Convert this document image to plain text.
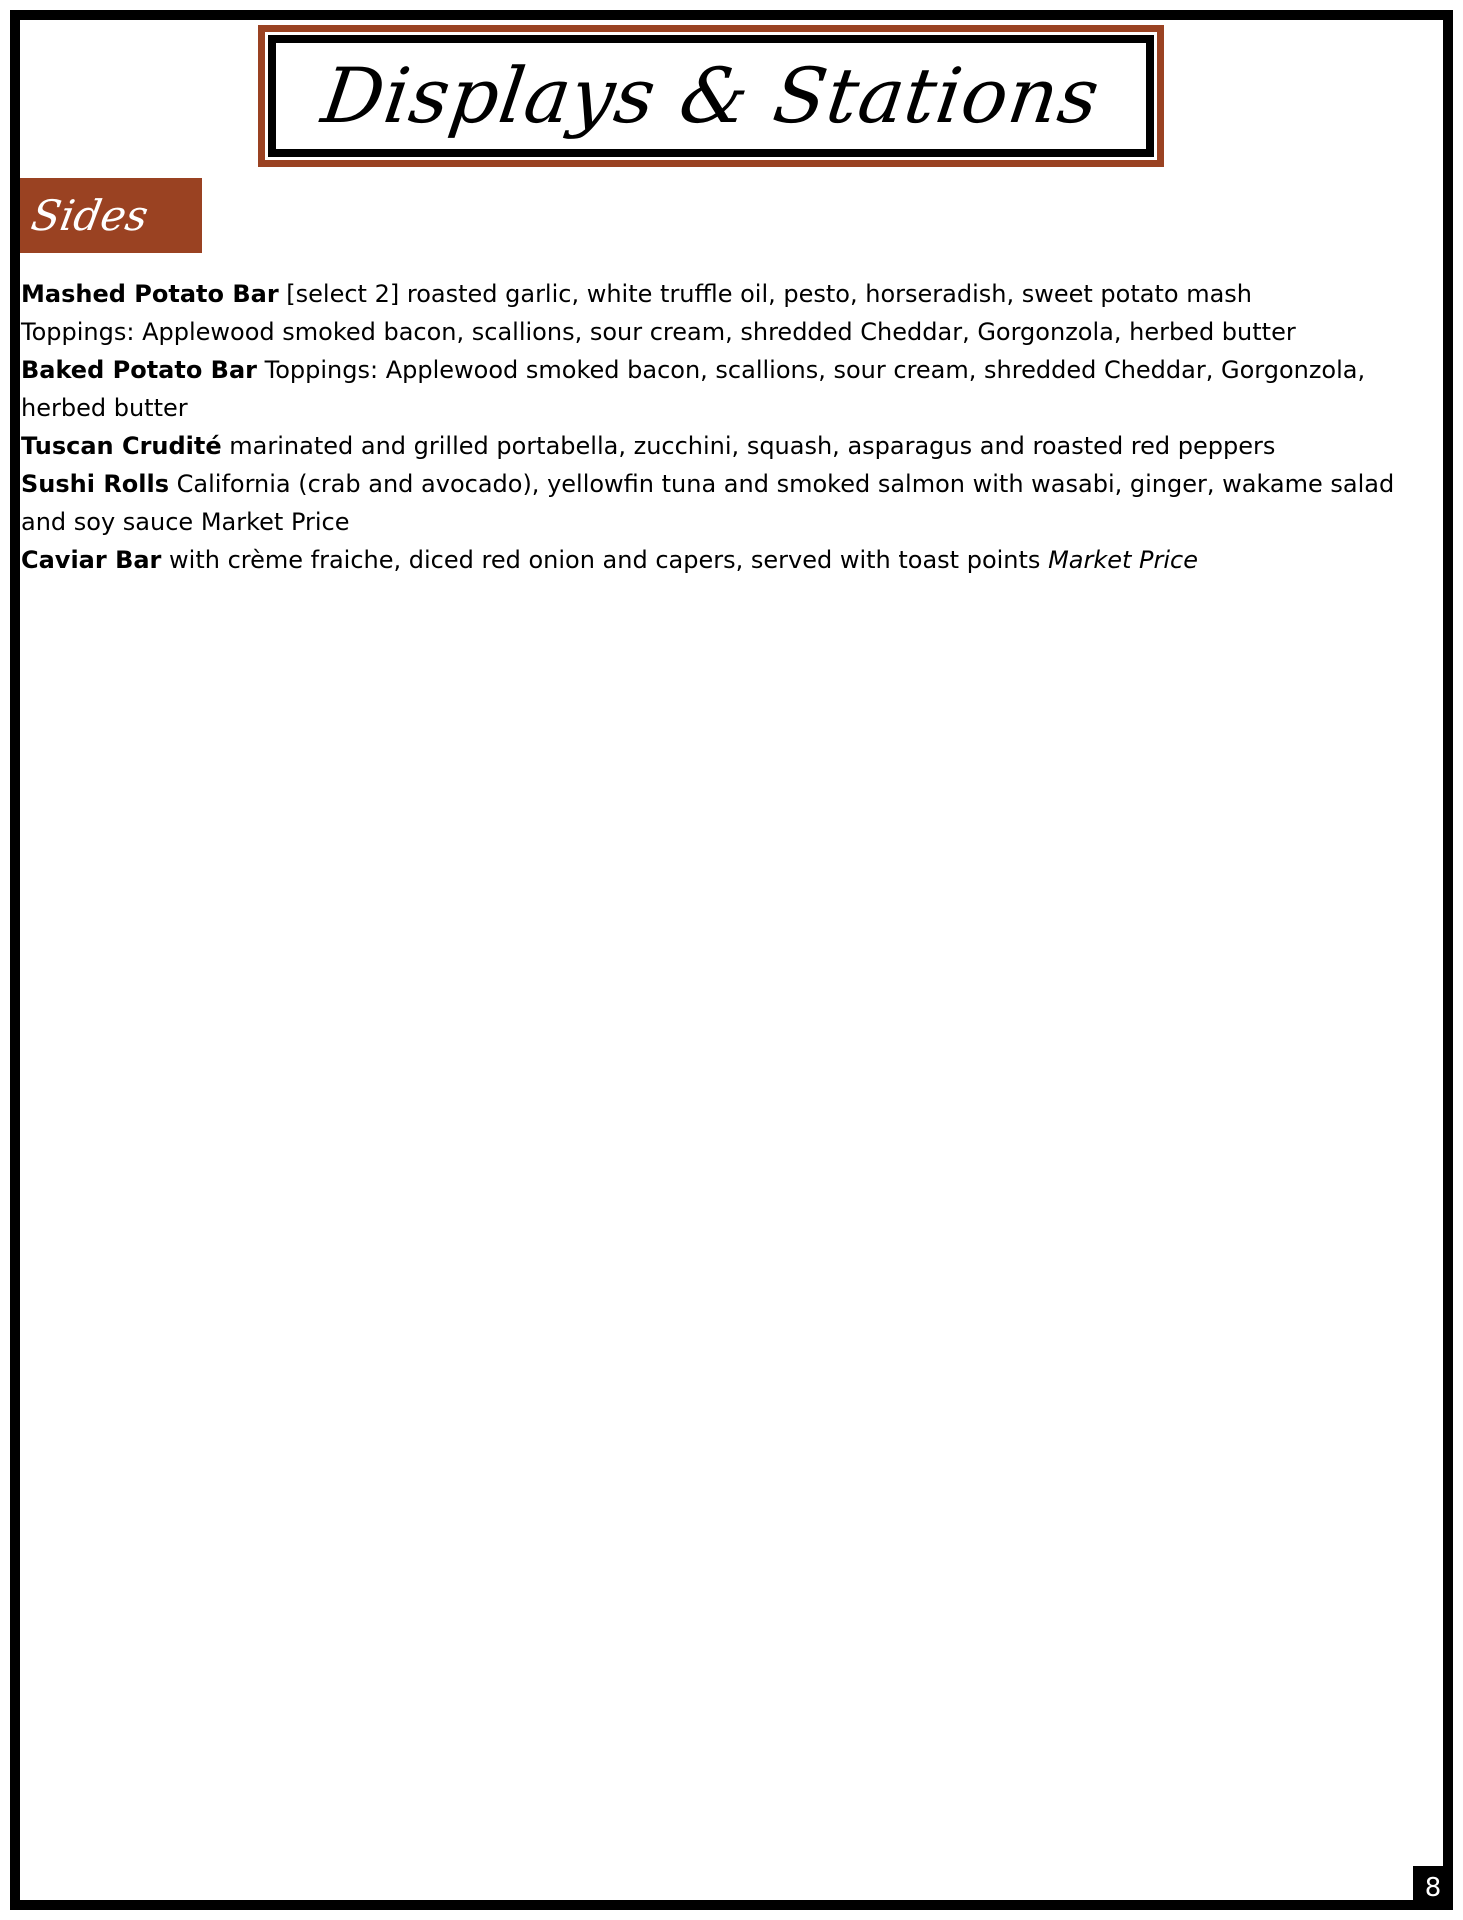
Displays & Stations
Sides

Mashed Potato Bar [select 2] roasted garlic, white truffle oil, pesto, horseradish, sweet potato mash

Toppings: Applewood smoked bacon, scallions, sour cream, shredded Cheddar, Gorgonzola, herbed butter

Baked Potato Bar Toppings: Applewood smoked bacon, scallions, sour cream, shredded Cheddar, Gorgonzola, herbed butter

Tuscan Crudité marinated and grilled portabella, zucchini, squash, asparagus and roasted red peppers

Sushi Rolls California (crab and avocado), yellowfin tuna and smoked salmon with wasabi, ginger, wakame salad and soy sauce Market Price

Caviar Bar with crème fraiche, diced red onion and capers, served with toast points Market Price

8
